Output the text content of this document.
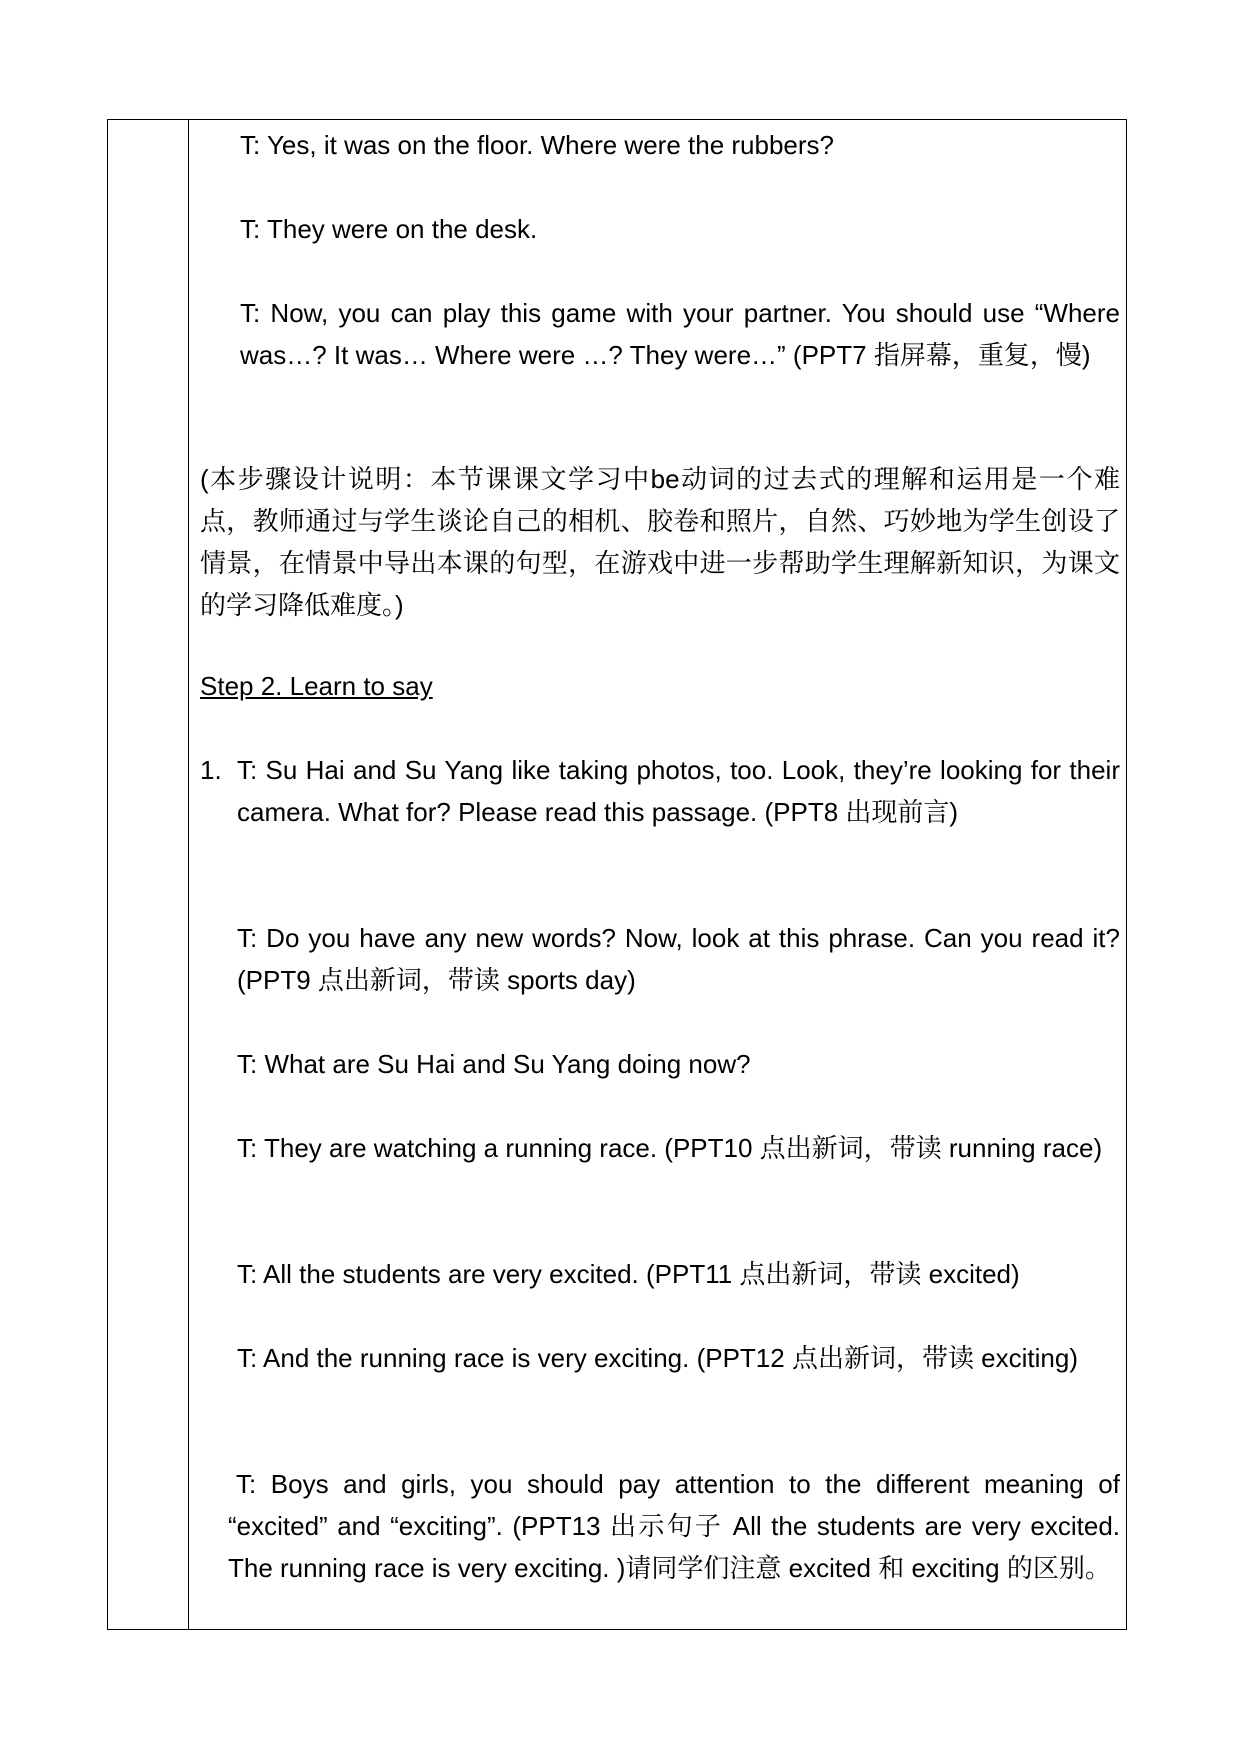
T: Yes, it was on the floor. Where were the rubbers?

T: They were on the desk.

T: Now, you can play this game with your partner. You should use “Where was…? It was… Where were …? They were…” (PPT7 指屏幕，重复，慢)

(本步骤设计说明：本节课课文学习中be动词的过去式的理解和运用是一个难点，教师通过与学生谈论自己的相机、胶卷和照片，自然、巧妙地为学生创设了情景，在情景中导出本课的句型，在游戏中进一步帮助学生理解新知识，为课文的学习降低难度。)

Step 2. Learn to say

1. T: Su Hai and Su Yang like taking photos, too. Look, they’re looking for their camera. What for? Please read this passage. (PPT8 出现前言)

T: Do you have any new words? Now, look at this phrase. Can you read it? (PPT9 点出新词，带读 sports day)

T: What are Su Hai and Su Yang doing now?

T: They are watching a running race. (PPT10 点出新词，带读 running race)

T: All the students are very excited. (PPT11 点出新词，带读 excited)

T: And the running race is very exciting. (PPT12 点出新词，带读 exciting)

T: Boys and girls, you should pay attention to the different meaning of “excited” and “exciting”. (PPT13 出示句子 All the students are very excited. The running race is very exciting. )请同学们注意 excited 和 exciting 的区别。
